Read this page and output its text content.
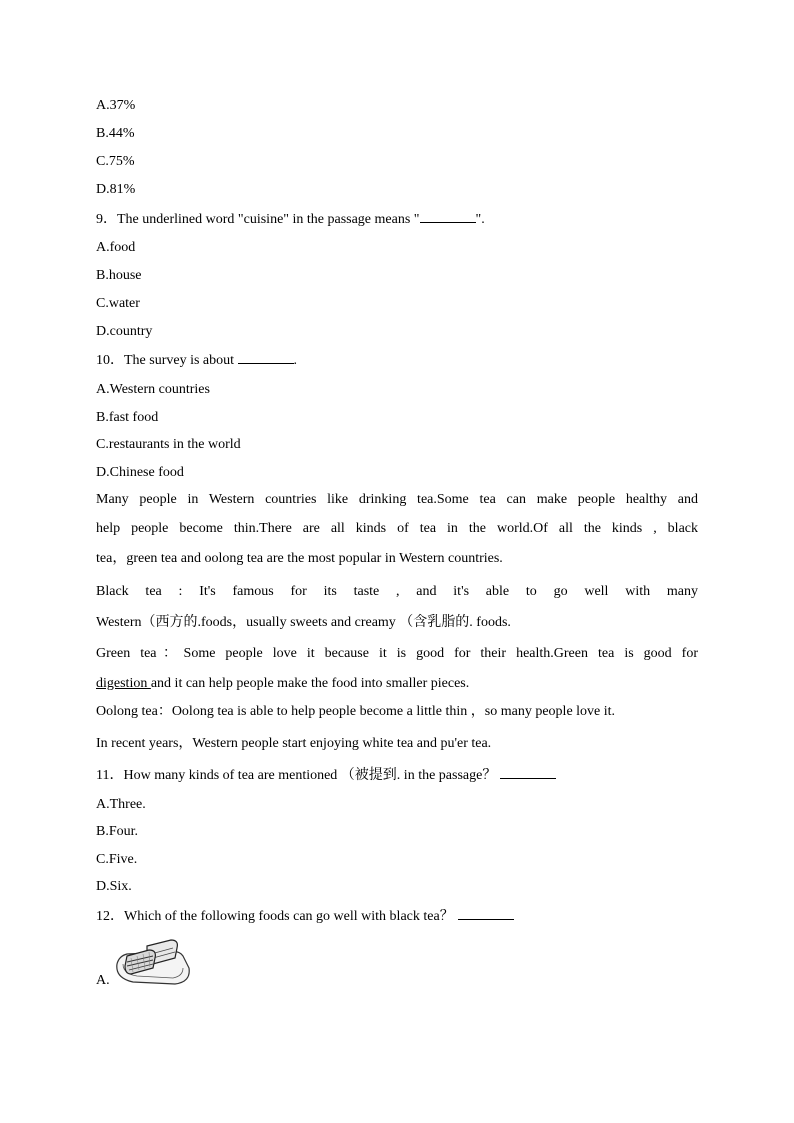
A.37%
B.44%
C.75%
D.81%
9．The underlined word "cuisine" in the passage means "	".
A.food
B.house
C.water
D.country
10．The survey is about	.
A.Western countries
B.fast food
C.restaurants in the world
D.Chinese food
Many people in Western countries like drinking tea.Some tea can make people healthy and
help people become thin.There are all kinds of tea in the world.Of all the kinds , black
tea，green tea and oolong tea are the most popular in Western countries.
Black tea : It's famous for its taste , and it's able to go well with many
Western（西方的.foods，usually sweets and creamy （含乳脂的. foods.
Green tea：Some people love it because it is good for their health.Green tea is good for
digestion and it can help people make the food into smaller pieces.
Oolong tea：Oolong tea is able to help people become a little thin ，so many people love it.
In recent years，Western people start enjoying white tea and pu'er tea.
11．How many kinds of tea are mentioned （被提到. in the passage？
A.Three.
B.Four.
C.Five.
D.Six.
12．Which of the following foods can go well with black tea？
A.
